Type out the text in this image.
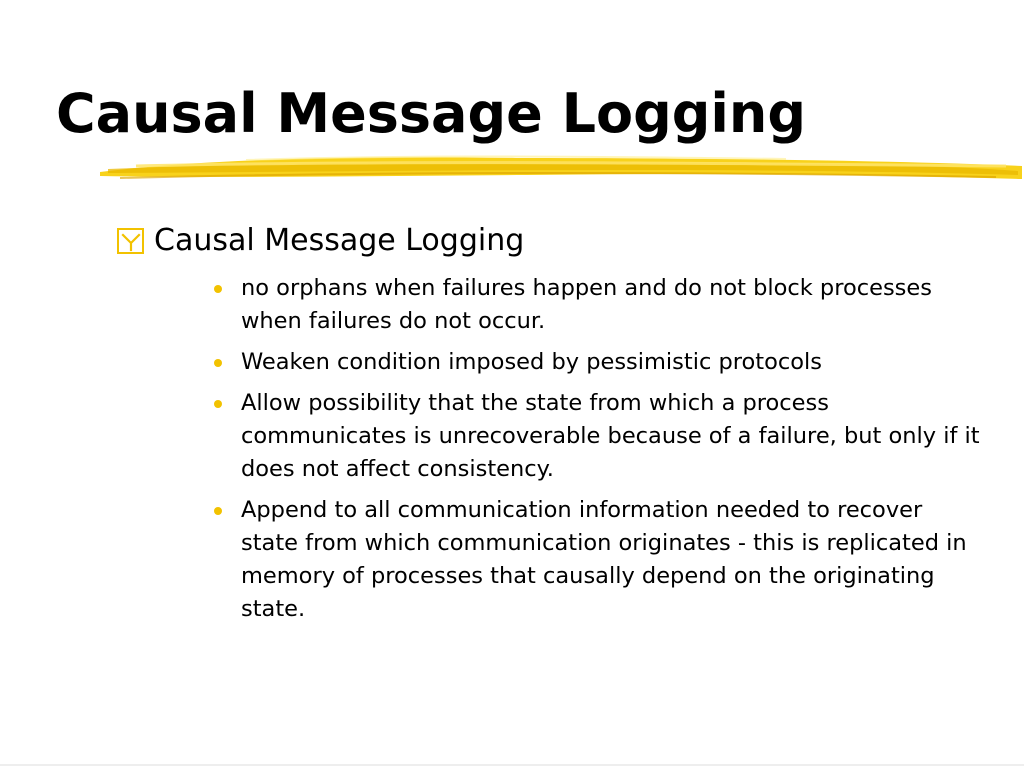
Causal Message Logging
Causal Message Logging
no orphans when failures happen and do not block processes when failures do not occur.
Weaken condition imposed by pessimistic protocols
Allow possibility that the state from which a process communicates is unrecoverable because of a failure, but only if it does not affect consistency.
Append to all communication information needed to recover state from which communication originates - this is replicated in memory of processes that causally depend on the originating state.
